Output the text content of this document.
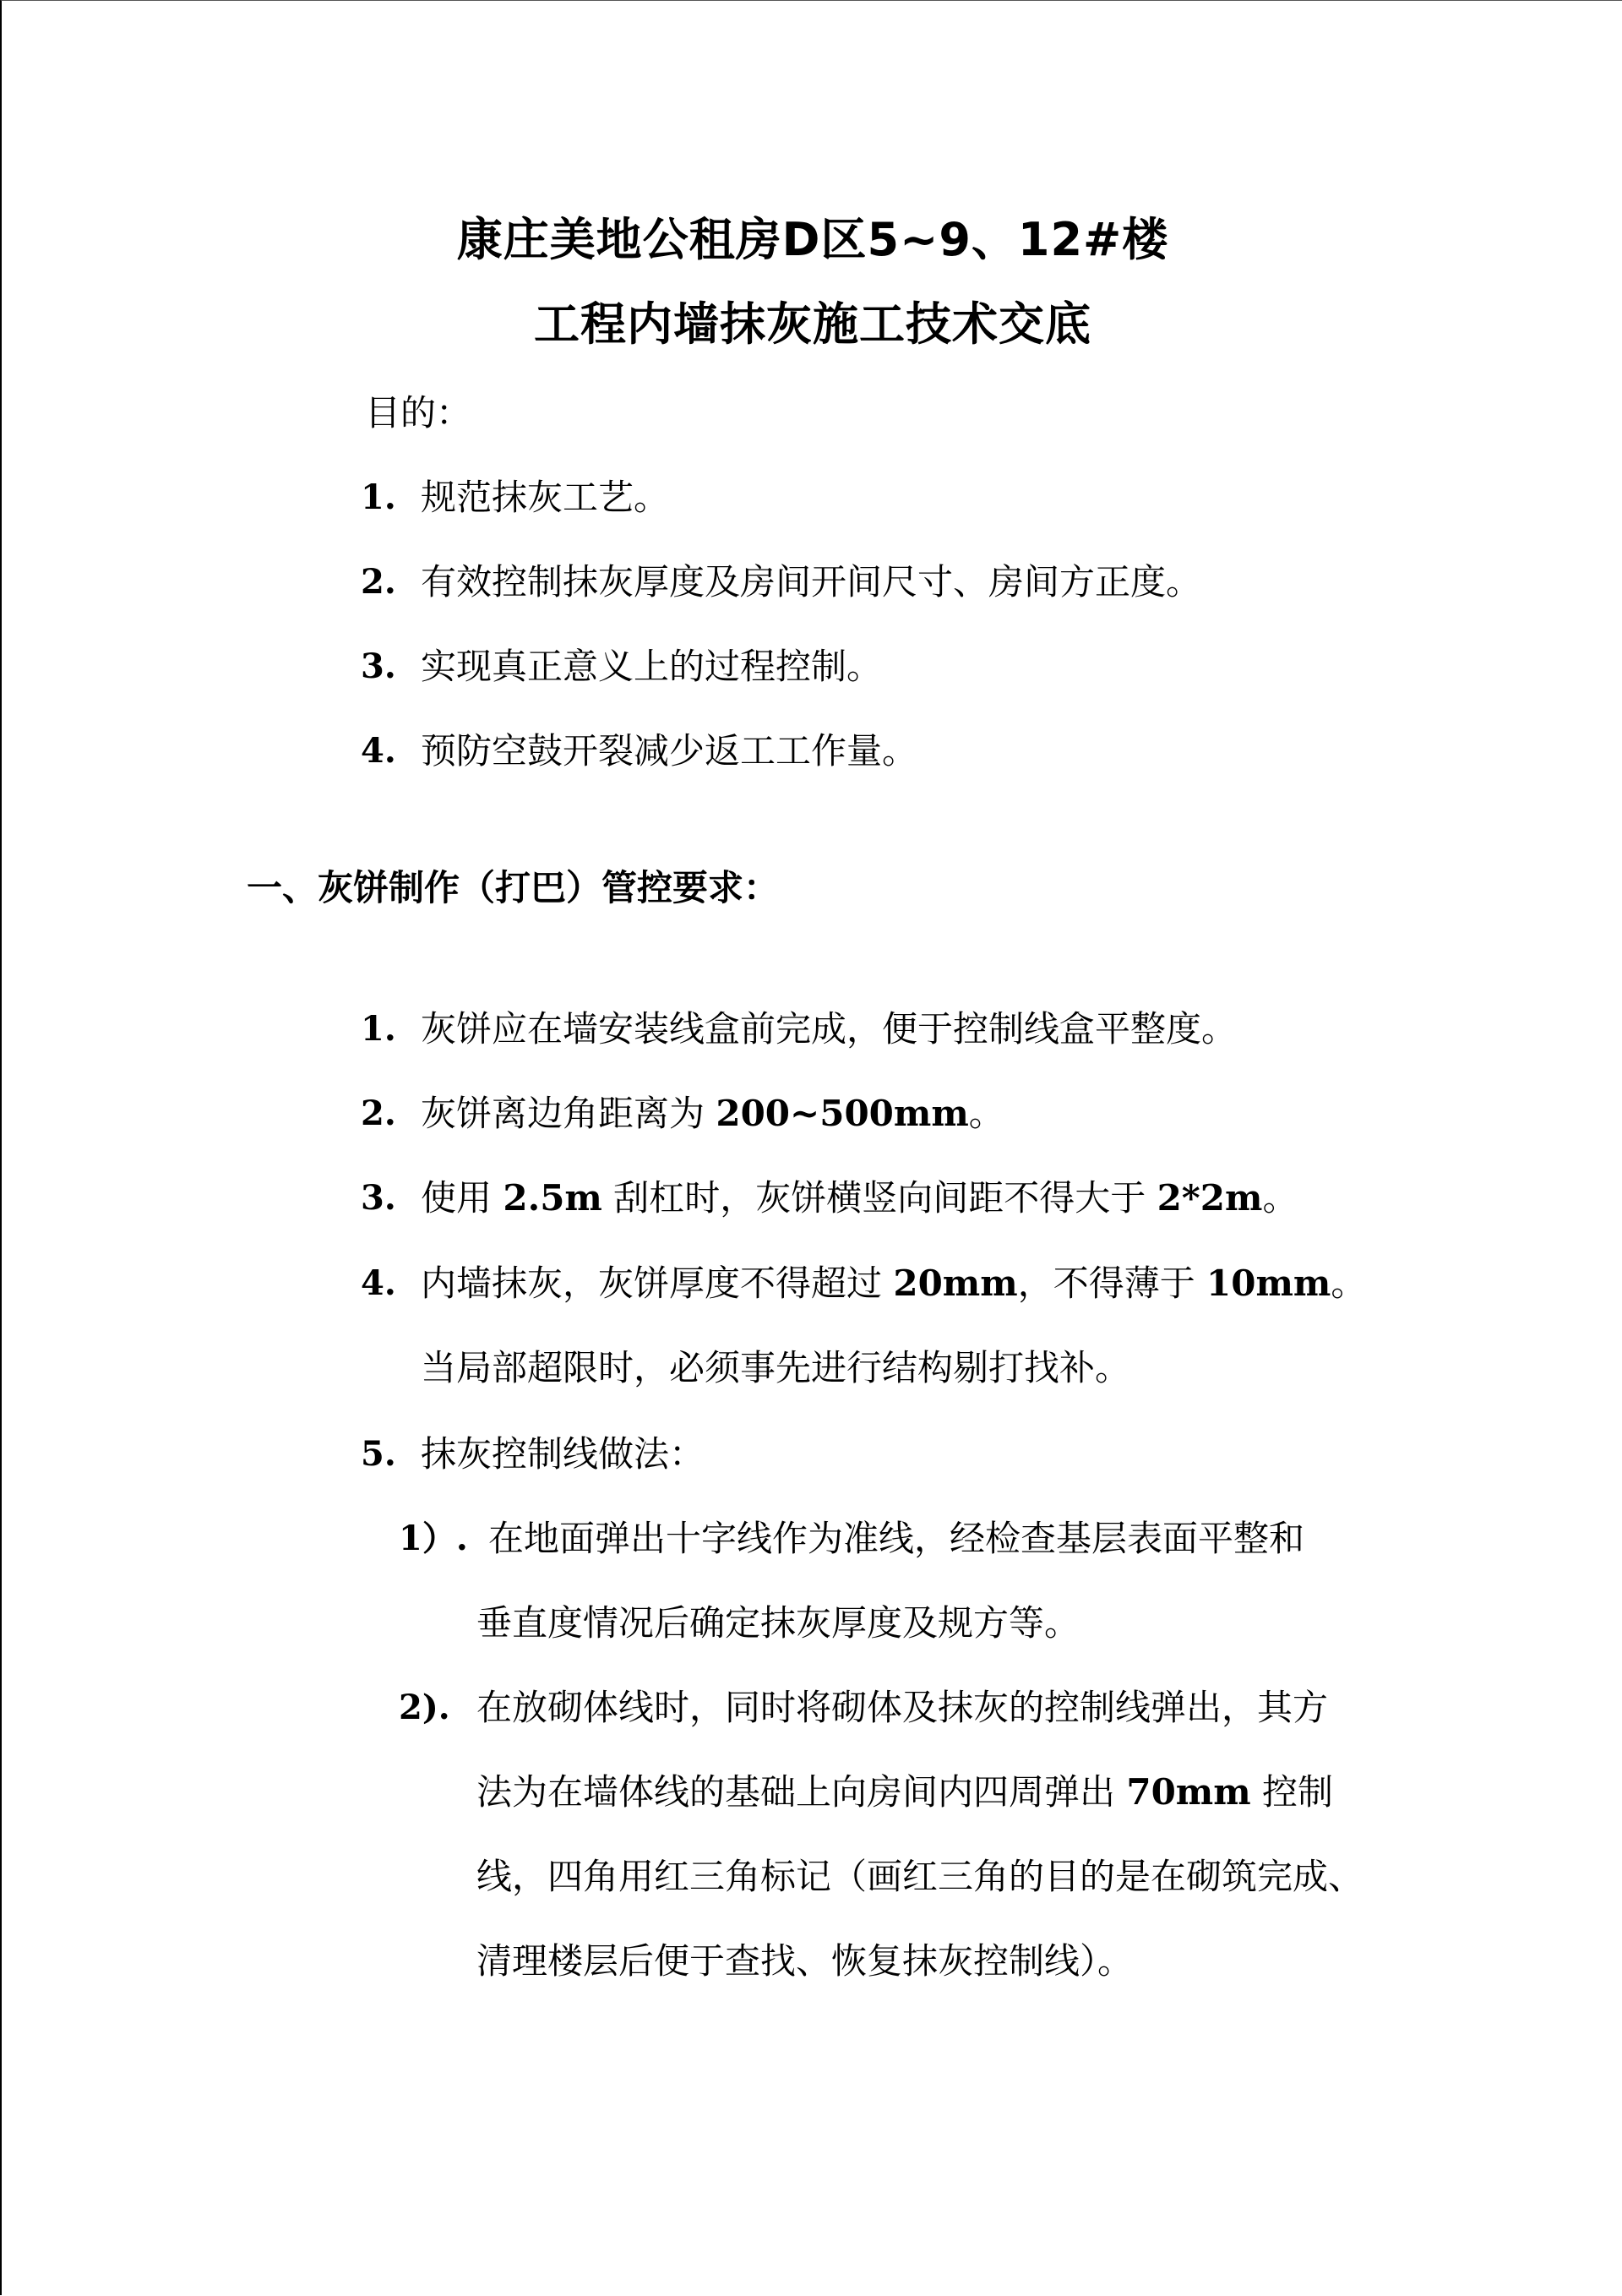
康庄美地公租房D区5~9、12#楼
工程内墙抹灰施工技术交底
目的：
1. 规范抹灰工艺。
2. 有效控制抹灰厚度及房间开间尺寸、房间方正度。
3. 实现真正意义上的过程控制。
4. 预防空鼓开裂减少返工工作量。
一、灰饼制作（打巴）管控要求：
1. 灰饼应在墙安装线盒前完成，便于控制线盒平整度。
2. 灰饼离边角距离为 200~500mm。
3. 使用 2.5m 刮杠时，灰饼横竖向间距不得大于 2*2m。
4. 内墙抹灰，灰饼厚度不得超过 20mm，不得薄于 10mm。
当局部超限时，必须事先进行结构剔打找补。
5. 抹灰控制线做法：
1）. 在地面弹出十字线作为准线，经检查基层表面平整和
垂直度情况后确定抹灰厚度及规方等。
2). 在放砌体线时，同时将砌体及抹灰的控制线弹出，其方
法为在墙体线的基础上向房间内四周弹出 70mm 控制
线，四角用红三角标记（画红三角的目的是在砌筑完成、
清理楼层后便于查找、恢复抹灰控制线）。
